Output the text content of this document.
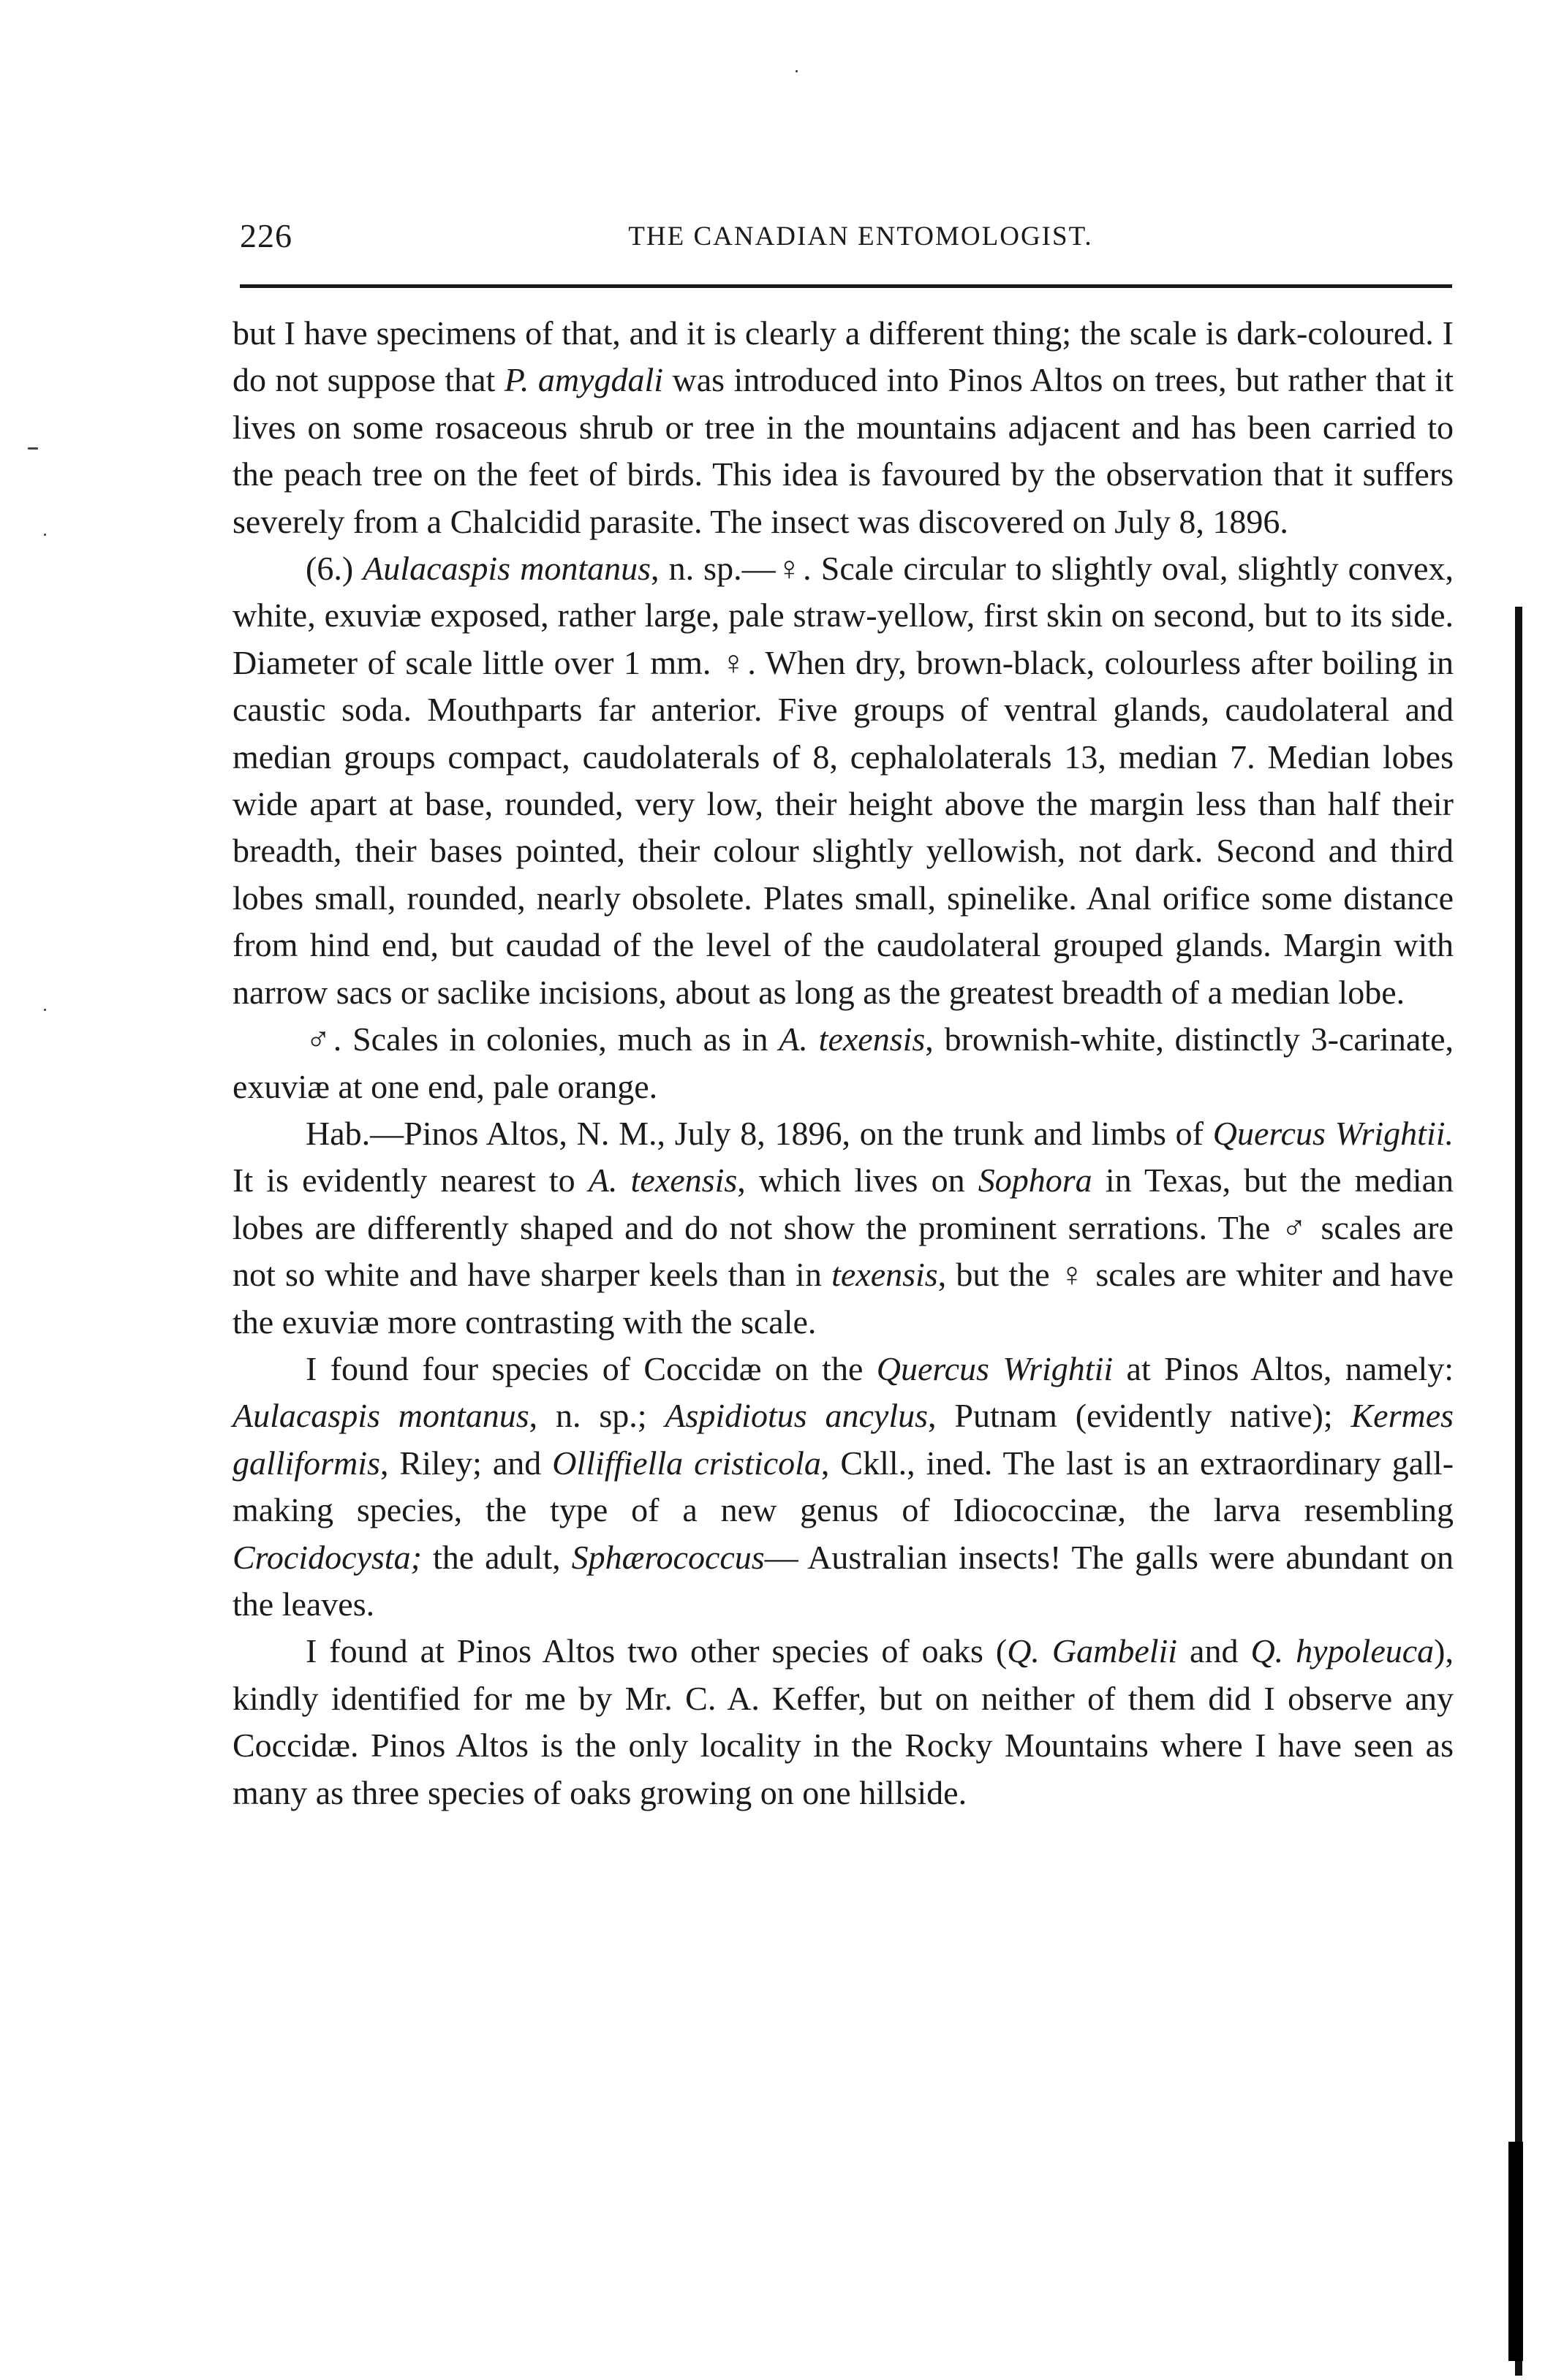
226	THE CANADIAN ENTOMOLOGIST.

but I have specimens of that, and it is clearly a different thing; the scale is dark-coloured. I do not suppose that P. amygdali was introduced into Pinos Altos on trees, but rather that it lives on some rosaceous shrub or tree in the mountains adjacent and has been carried to the peach tree on the feet of birds. This idea is favoured by the observation that it suffers severely from a Chalcidid parasite. The insect was discovered on July 8, 1896.

(6.) Aulacaspis montanus, n. sp.—♀. Scale circular to slightly oval, slightly convex, white, exuviæ exposed, rather large, pale straw-yellow, first skin on second, but to its side. Diameter of scale little over 1 mm. ♀. When dry, brown-black, colourless after boiling in caustic soda. Mouthparts far anterior. Five groups of ventral glands, caudolateral and median groups compact, caudolaterals of 8, cephalolaterals 13, median 7. Median lobes wide apart at base, rounded, very low, their height above the margin less than half their breadth, their bases pointed, their colour slightly yellowish, not dark. Second and third lobes small, rounded, nearly obsolete. Plates small, spinelike. Anal orifice some distance from hind end, but caudad of the level of the caudolateral grouped glands. Margin with narrow sacs or saclike incisions, about as long as the greatest breadth of a median lobe.

♂. Scales in colonies, much as in A. texensis, brownish-white, distinctly 3-carinate, exuviæ at one end, pale orange.

Hab.—Pinos Altos, N. M., July 8, 1896, on the trunk and limbs of Quercus Wrightii. It is evidently nearest to A. texensis, which lives on Sophora in Texas, but the median lobes are differently shaped and do not show the prominent serrations. The ♂ scales are not so white and have sharper keels than in texensis, but the ♀ scales are whiter and have the exuviæ more contrasting with the scale.

I found four species of Coccidæ on the Quercus Wrightii at Pinos Altos, namely: Aulacaspis montanus, n. sp.; Aspidiotus ancylus, Putnam (evidently native); Kermes galliformis, Riley; and Olliffiella cristicola, Ckll., ined. The last is an extraordinary gall-making species, the type of a new genus of Idiococcinæ, the larva resembling Crocidocysta; the adult, Sphærococcus— Australian insects! The galls were abundant on the leaves.

I found at Pinos Altos two other species of oaks (Q. Gambelii and Q. hypoleuca), kindly identified for me by Mr. C. A. Keffer, but on neither of them did I observe any Coccidæ. Pinos Altos is the only locality in the Rocky Mountains where I have seen as many as three species of oaks growing on one hillside.
